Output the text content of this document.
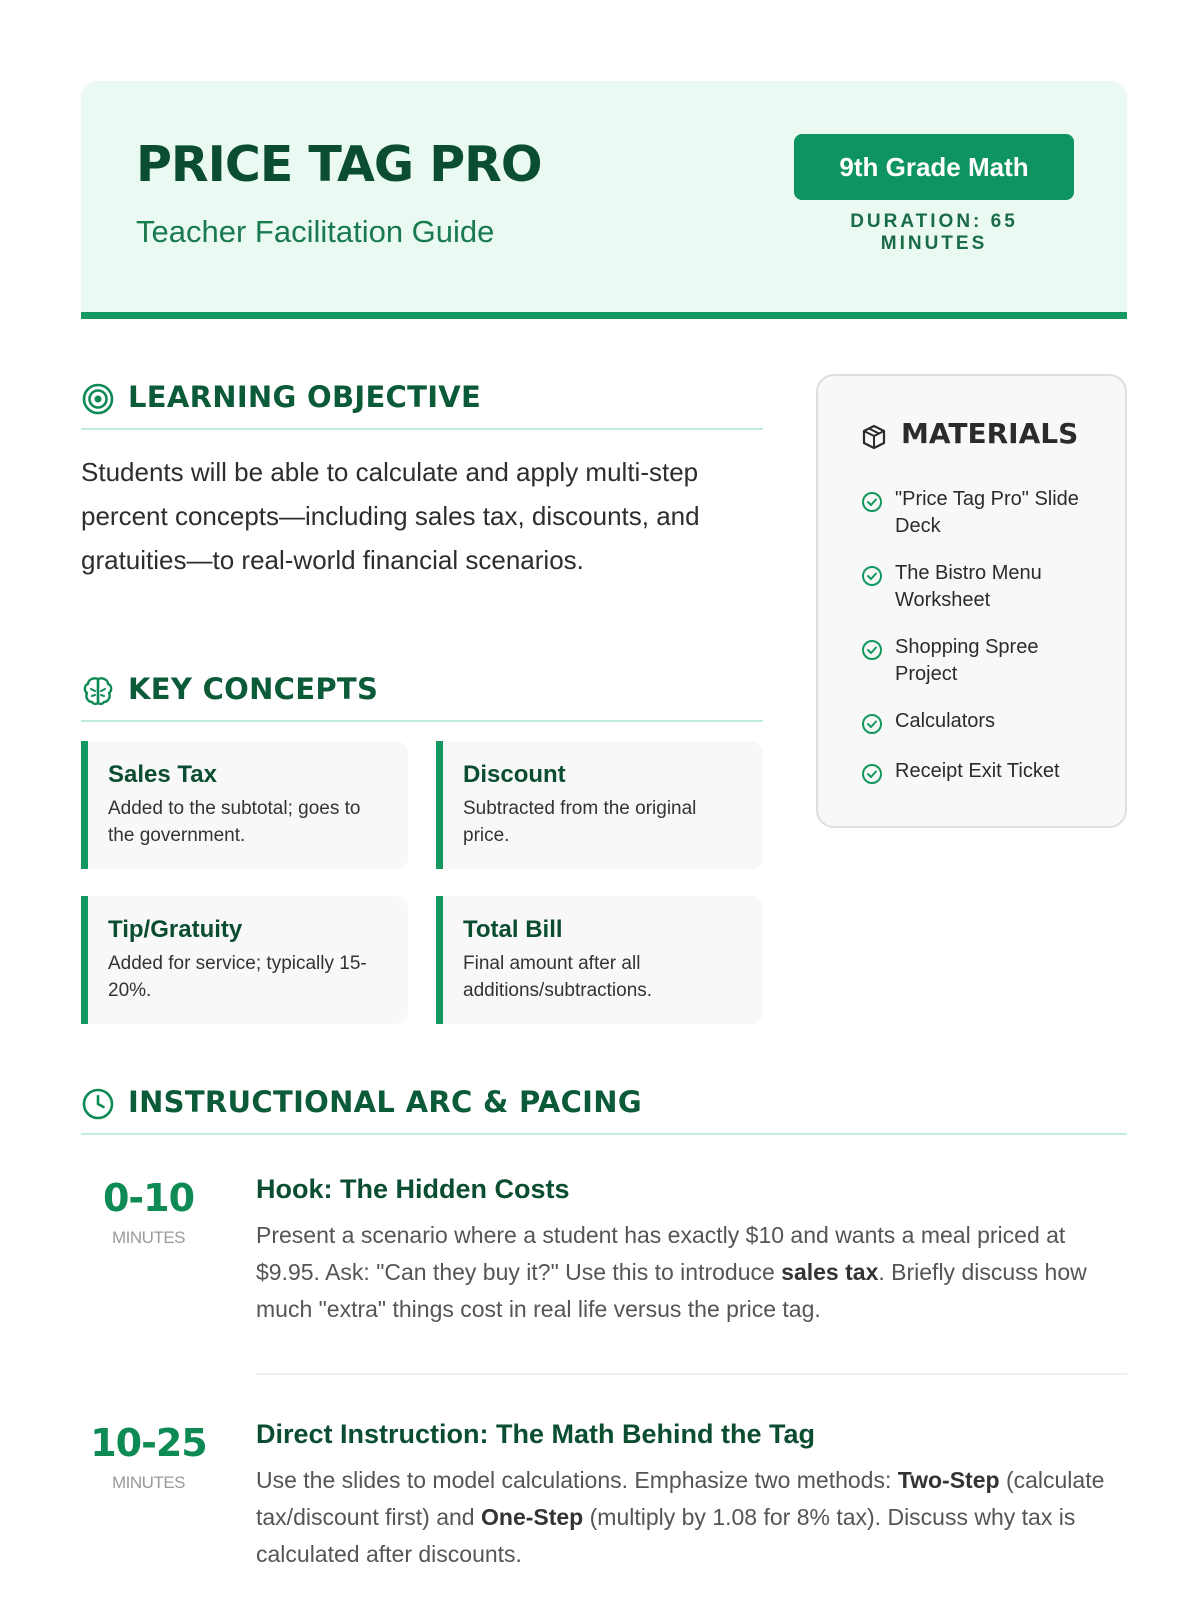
PRICE TAG PRO
Teacher Facilitation Guide
9th Grade Math
DURATION: 65 MINUTES
LEARNING OBJECTIVE
Students will be able to calculate and apply multi-step percent concepts—including sales tax, discounts, and gratuities—to real-world financial scenarios.
KEY CONCEPTS
Sales Tax
Added to the subtotal; goes to the government.
Discount
Subtracted from the original price.
Tip/Gratuity
Added for service; typically 15-20%.
Total Bill
Final amount after all additions/subtractions.
MATERIALS
"Price Tag Pro" Slide Deck
The Bistro Menu Worksheet
Shopping Spree Project
Calculators
Receipt Exit Ticket
INSTRUCTIONAL ARC & PACING
0-10
MINUTES
Hook: The Hidden Costs
Present a scenario where a student has exactly $10 and wants a meal priced at $9.95. Ask: "Can they buy it?" Use this to introduce sales tax. Briefly discuss how much "extra" things cost in real life versus the price tag.
10-25
MINUTES
Direct Instruction: The Math Behind the Tag
Use the slides to model calculations. Emphasize two methods: Two-Step (calculate tax/discount first) and One-Step (multiply by 1.08 for 8% tax). Discuss why tax is calculated after discounts.
